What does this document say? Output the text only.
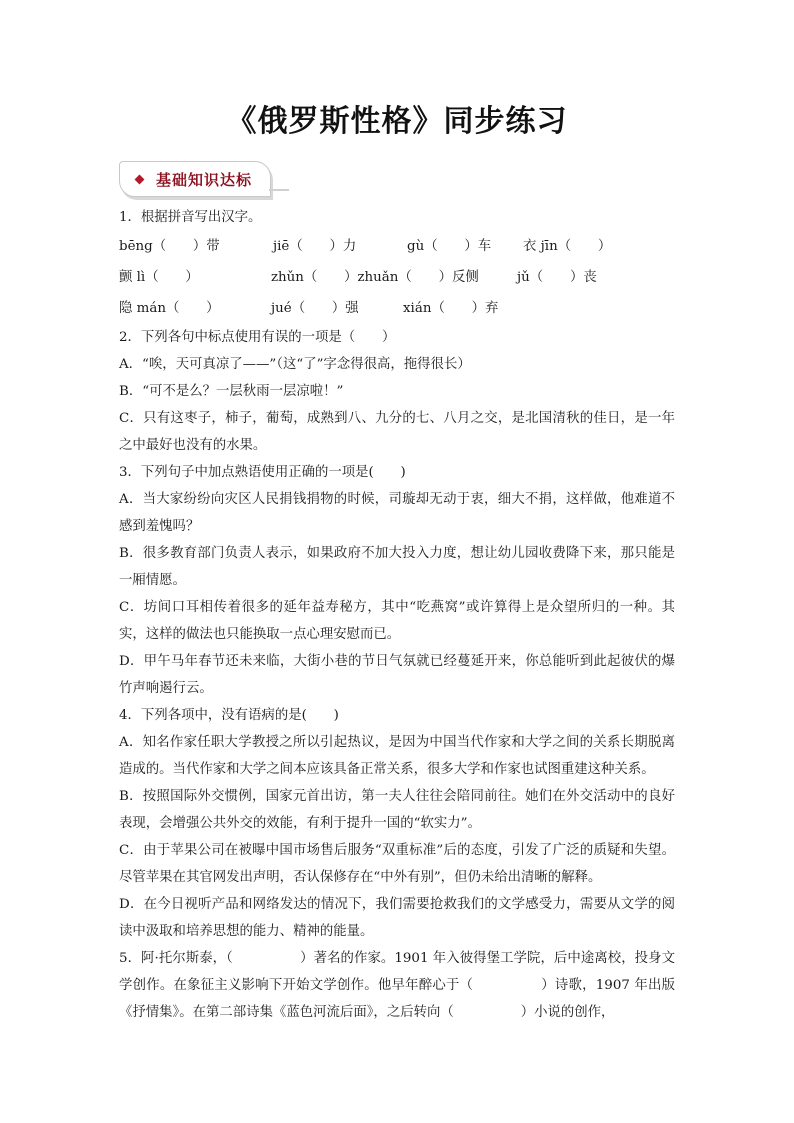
《俄罗斯性格》同步练习
基础知识达标
1．根据拼音写出汉字。
bēng（　　）带	jiē（　　）力	gù（　　）车	衣 jīn（　　）
颤 lì（　　）	zhǔn（　　）zhuǎn（　　）反侧	jǔ（　　）丧
隐 mán（　　）	jué（　　）强	xián（　　）弃
2．下列各句中标点使用有误的一项是（　　）
A．“唉，天可真凉了——”（这“了”字念得很高，拖得很长）
B．“可不是么？一层秋雨一层凉啦！”
C．只有这枣子，柿子，葡萄，成熟到八、九分的七、八月之交，是北国清秋的佳日，是一年之中最好也没有的水果。
3．下列句子中加点熟语使用正确的一项是(　　)
A．当大家纷纷向灾区人民捐钱捐物的时候，司璇却无动于衷，细大不捐，这样做，他难道不感到羞愧吗？
B．很多教育部门负责人表示，如果政府不加大投入力度，想让幼儿园收费降下来，那只能是一厢情愿。
C．坊间口耳相传着很多的延年益寿秘方，其中“吃燕窝”或许算得上是众望所归的一种。其实，这样的做法也只能换取一点心理安慰而已。
D．甲午马年春节还未来临，大街小巷的节日气氛就已经蔓延开来，你总能听到此起彼伏的爆竹声响遏行云。
4．下列各项中，没有语病的是(　　)
A．知名作家任职大学教授之所以引起热议，是因为中国当代作家和大学之间的关系长期脱离造成的。当代作家和大学之间本应该具备正常关系，很多大学和作家也试图重建这种关系。
B．按照国际外交惯例，国家元首出访，第一夫人往往会陪同前往。她们在外交活动中的良好表现，会增强公共外交的效能，有利于提升一国的“软实力”。
C．由于苹果公司在被曝中国市场售后服务“双重标准”后的态度，引发了广泛的质疑和失望。尽管苹果在其官网发出声明，否认保修存在“中外有别”，但仍未给出清晰的解释。
D．在今日视听产品和网络发达的情况下，我们需要抢救我们的文学感受力，需要从文学的阅读中汲取和培养思想的能力、精神的能量。
5．阿·托尔斯泰，（　　　　　）著名的作家。1901 年入彼得堡工学院，后中途离校，投身文学创作。在象征主义影响下开始文学创作。他早年醉心于（　　　　　）诗歌，1907 年出版《抒情集》。在第二部诗集《蓝色河流后面》，之后转向（　　　　　）小说的创作，
